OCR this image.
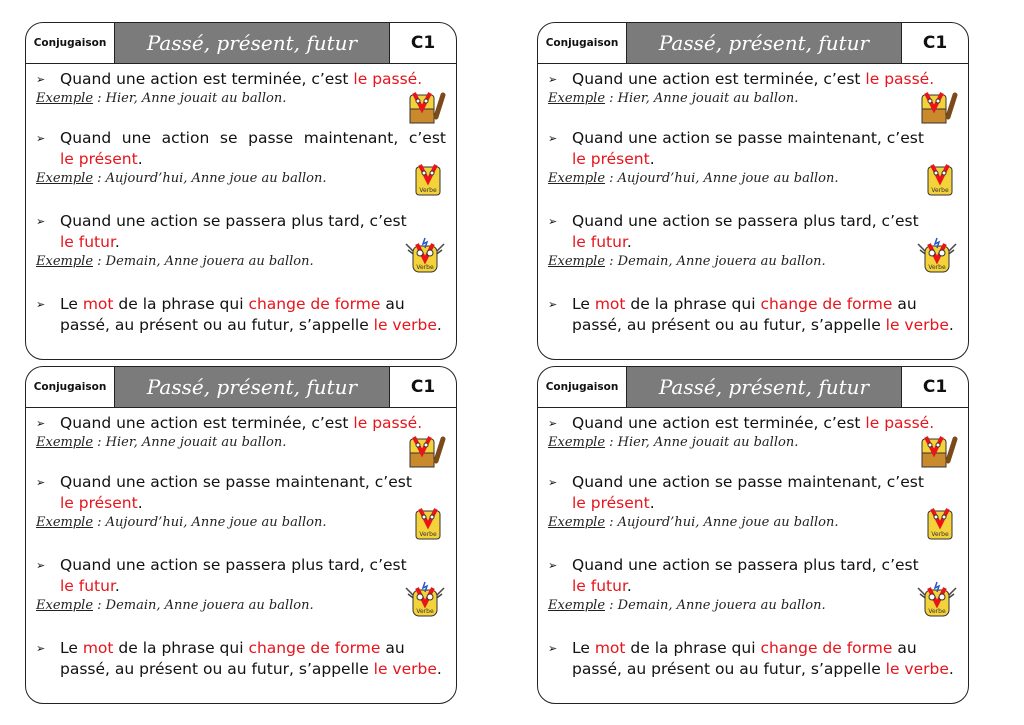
Conjugaison	Passé, présent, futur	C1
➢ Quand une action est terminée, c’est le passé.
Exemple : Hier, Anne jouait au ballon.
➢ Quand une action se passe maintenant, c’est
le présent.
Exemple : Aujourd’hui, Anne joue au ballon.
➢ Quand une action se passera plus tard, c’est
le futur.
Exemple : Demain, Anne jouera au ballon.
➢ Le mot de la phrase qui change de forme au
passé, au présent ou au futur, s’appelle le verbe.
Verbe
Verbe
Conjugaison	Passé, présent, futur	C1
➢ Quand une action est terminée, c’est le passé.
Exemple : Hier, Anne jouait au ballon.
➢ Quand une action se passe maintenant, c’est
le présent.
Exemple : Aujourd’hui, Anne joue au ballon.
➢ Quand une action se passera plus tard, c’est
le futur.
Exemple : Demain, Anne jouera au ballon.
➢ Le mot de la phrase qui change de forme au
passé, au présent ou au futur, s’appelle le verbe.
Verbe
Verbe
Conjugaison	Passé, présent, futur	C1
➢ Quand une action est terminée, c’est le passé.
Exemple : Hier, Anne jouait au ballon.
➢ Quand une action se passe maintenant, c’est
le présent.
Exemple : Aujourd’hui, Anne joue au ballon.
➢ Quand une action se passera plus tard, c’est
le futur.
Exemple : Demain, Anne jouera au ballon.
➢ Le mot de la phrase qui change de forme au
passé, au présent ou au futur, s’appelle le verbe.
Verbe
Verbe
Conjugaison	Passé, présent, futur	C1
➢ Quand une action est terminée, c’est le passé.
Exemple : Hier, Anne jouait au ballon.
➢ Quand une action se passe maintenant, c’est
le présent.
Exemple : Aujourd’hui, Anne joue au ballon.
➢ Quand une action se passera plus tard, c’est
le futur.
Exemple : Demain, Anne jouera au ballon.
➢ Le mot de la phrase qui change de forme au
passé, au présent ou au futur, s’appelle le verbe.
Verbe
Verbe
